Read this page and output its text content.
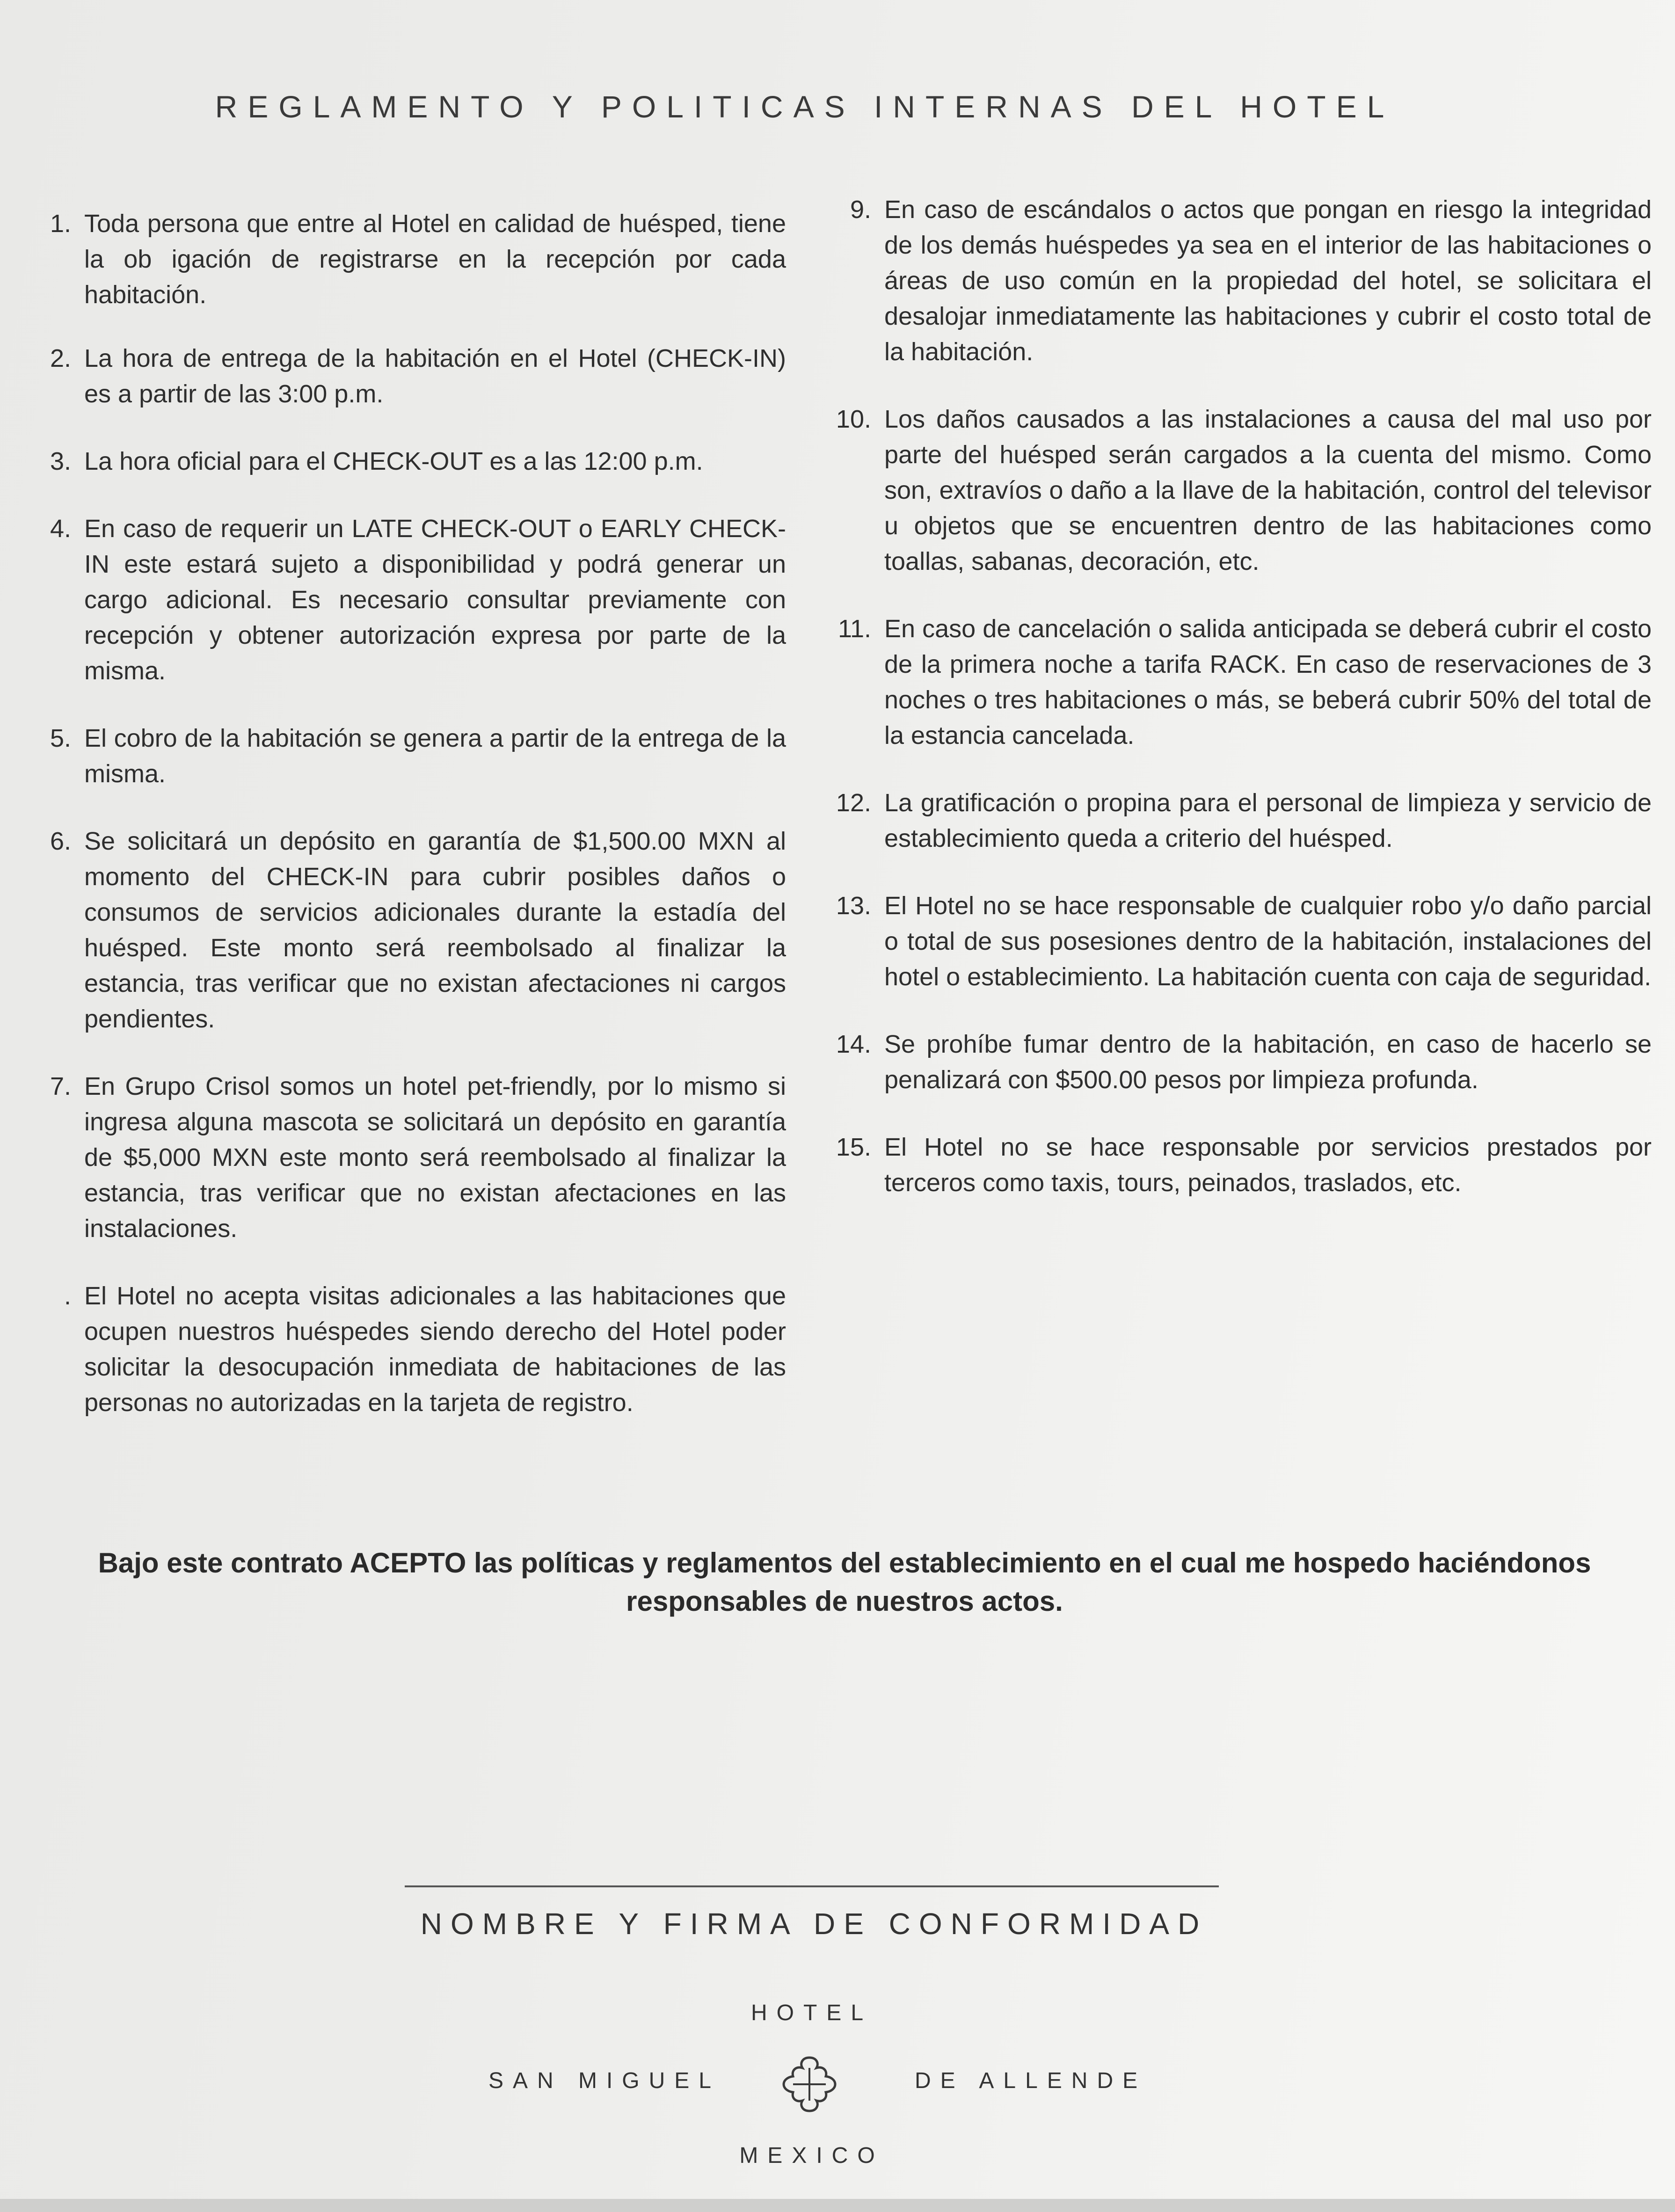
REGLAMENTO Y POLITICAS INTERNAS DEL HOTEL
1. Toda persona que entre al Hotel en calidad de huésped, tiene la ob igación de registrarse en la recepción por cada habitación.
2. La hora de entrega de la habitación en el Hotel (CHECK-IN) es a partir de las 3:00 p.m.
3. La hora oficial para el CHECK-OUT es a las 12:00 p.m.
4. En caso de requerir un LATE CHECK-OUT o EARLY CHECK-IN este estará sujeto a disponibilidad y podrá generar un cargo adicional. Es necesario consultar previamente con recepción y obtener autorización expresa por parte de la misma.
5. El cobro de la habitación se genera a partir de la entrega de la misma.
6. Se solicitará un depósito en garantía de $1,500.00 MXN al momento del CHECK-IN para cubrir posibles daños o consumos de servicios adicionales durante la estadía del huésped. Este monto será reembolsado al finalizar la estancia, tras verificar que no existan afectaciones ni cargos pendientes.
7. En Grupo Crisol somos un hotel pet-friendly, por lo mismo si ingresa alguna mascota se solicitará un depósito en garantía de $5,000 MXN este monto será reembolsado al finalizar la estancia, tras verificar que no existan afectaciones en las instalaciones.
. El Hotel no acepta visitas adicionales a las habitaciones que ocupen nuestros huéspedes siendo derecho del Hotel poder solicitar la desocupación inmediata de habitaciones de las personas no autorizadas en la tarjeta de registro.
9. En caso de escándalos o actos que pongan en riesgo la integridad de los demás huéspedes ya sea en el interior de las habitaciones o áreas de uso común en la propiedad del hotel, se solicitara el desalojar inmediatamente las habitaciones y cubrir el costo total de la habitación.
10. Los daños causados a las instalaciones a causa del mal uso por parte del huésped serán cargados a la cuenta del mismo. Como son, extravíos o daño a la llave de la habitación, control del televisor u objetos que se encuentren dentro de las habitaciones como toallas, sabanas, decoración, etc.
11. En caso de cancelación o salida anticipada se deberá cubrir el costo de la primera noche a tarifa RACK. En caso de reservaciones de 3 noches o tres habitaciones o más, se beberá cubrir 50% del total de la estancia cancelada.
12. La gratificación o propina para el personal de limpieza y servicio de establecimiento queda a criterio del huésped.
13. El Hotel no se hace responsable de cualquier robo y/o daño parcial o total de sus posesiones dentro de la habitación, instalaciones del hotel o establecimiento. La habitación cuenta con caja de seguridad.
14. Se prohíbe fumar dentro de la habitación, en caso de hacerlo se penalizará con $500.00 pesos por limpieza profunda.
15. El Hotel no se hace responsable por servicios prestados por terceros como taxis, tours, peinados, traslados, etc.
Bajo este contrato ACEPTO las políticas y reglamentos del establecimiento en el cual me hospedo haciéndonos responsables de nuestros actos.
NOMBRE Y FIRMA DE CONFORMIDAD
HOTEL
SAN MIGUEL	DE ALLENDE
MEXICO
